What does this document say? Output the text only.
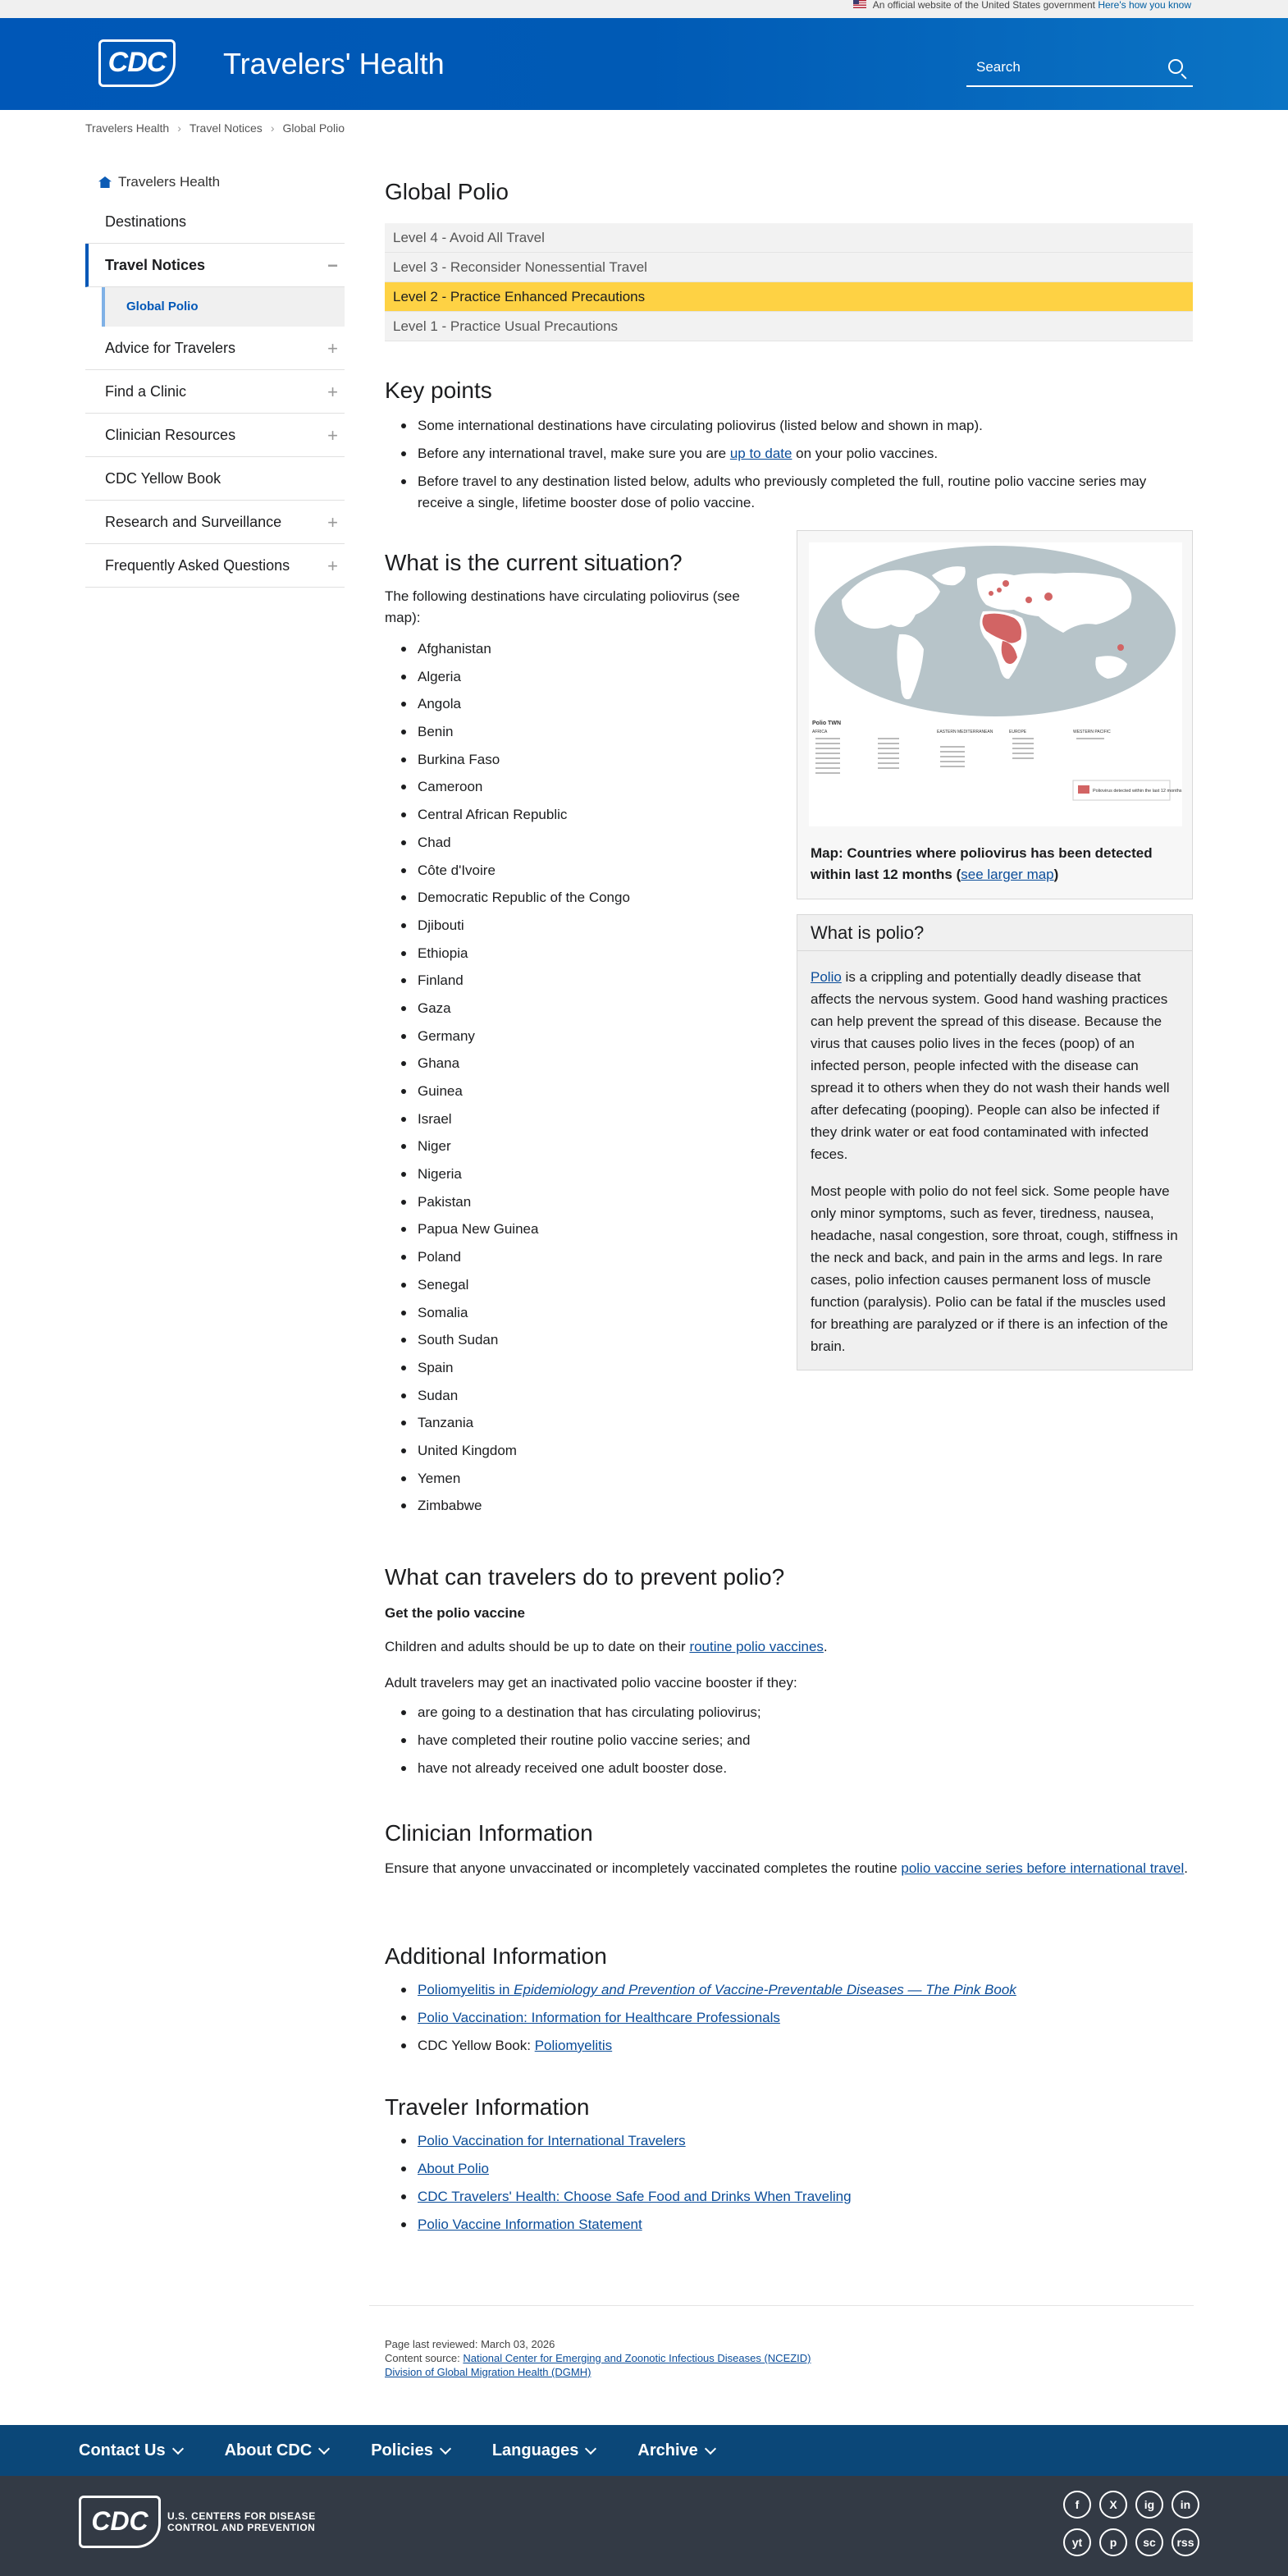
An official website of the United States government Here's how you know
CDC	Travelers' Health	Search
Travelers Health › Travel Notices › Global Polio
Travelers Health
Destinations
Travel Notices	−
Global Polio
Advice for Travelers	+
Find a Clinic	+
Clinician Resources	+
CDC Yellow Book
Research and Surveillance	+
Frequently Asked Questions +
Global Polio
Level 4 - Avoid All Travel
Level 3 - Reconsider Nonessential Travel
Level 2 - Practice Enhanced Precautions
Level 1 - Practice Usual Precautions
Key points
Some international destinations have circulating poliovirus (listed below and shown in map).
Before any international travel, make sure you are up to date on your polio vaccines.
Before travel to any destination listed below, adults who previously completed the full, routine polio vaccine series may receive a single, lifetime booster dose of polio vaccine.
What is the current situation?

The following destinations have circulating poliovirus (see map):

Afghanistan
Algeria
Angola
Benin
Burkina Faso
Cameroon
Central African Republic
Chad
Côte d'Ivoire
Democratic Republic of the Congo
Djibouti
Ethiopia
Finland
Gaza
Germany
Ghana
Guinea
Israel
Niger
Nigeria
Pakistan
Papua New Guinea
Poland
Senegal
Somalia
South Sudan
Spain
Sudan
Tanzania
United Kingdom
Yemen
Zimbabwe
Polio TWN
AFRICA	EASTERN MEDITERRANEAN	EUROPE	WESTERN PACIFIC
Poliovirus detected within the last 12 months
Map: Countries where poliovirus has been detected within last 12 months (see larger map)
What is polio?

Polio is a crippling and potentially deadly disease that affects the nervous system. Good hand washing practices can help prevent the spread of this disease. Because the virus that causes polio lives in the feces (poop) of an infected person, people infected with the disease can spread it to others when they do not wash their hands well after defecating (pooping). People can also be infected if they drink water or eat food contaminated with infected feces.

Most people with polio do not feel sick. Some people have only minor symptoms, such as fever, tiredness, nausea, headache, nasal congestion, sore throat, cough, stiffness in the neck and back, and pain in the arms and legs. In rare cases, polio infection causes permanent loss of muscle function (paralysis). Polio can be fatal if the muscles used for breathing are paralyzed or if there is an infection of the brain.

What can travelers do to prevent polio?
Get the polio vaccine

Children and adults should be up to date on their routine polio vaccines.

Adult travelers may get an inactivated polio vaccine booster if they:

are going to a destination that has circulating poliovirus;
have completed their routine polio vaccine series; and
have not already received one adult booster dose.
Clinician Information

Ensure that anyone unvaccinated or incompletely vaccinated completes the routine polio vaccine series before international travel.

Additional Information
Poliomyelitis in Epidemiology and Prevention of Vaccine-Preventable Diseases — The Pink Book
Polio Vaccination: Information for Healthcare Professionals
CDC Yellow Book: Poliomyelitis
Traveler Information
Polio Vaccination for International Travelers
About Polio
CDC Travelers' Health: Choose Safe Food and Drinks When Traveling
Polio Vaccine Information Statement
Page last reviewed: March 03, 2026
Content source: National Center for Emerging and Zoonotic Infectious Diseases (NCEZID)
Division of Global Migration Health (DGMH)
Contact Us	About CDC	Policies	Languages	Archive
CDC	U.S. CENTERS FOR DISEASE
CONTROL AND PREVENTION
f	X	ig	in
yt	p	sc	rss
